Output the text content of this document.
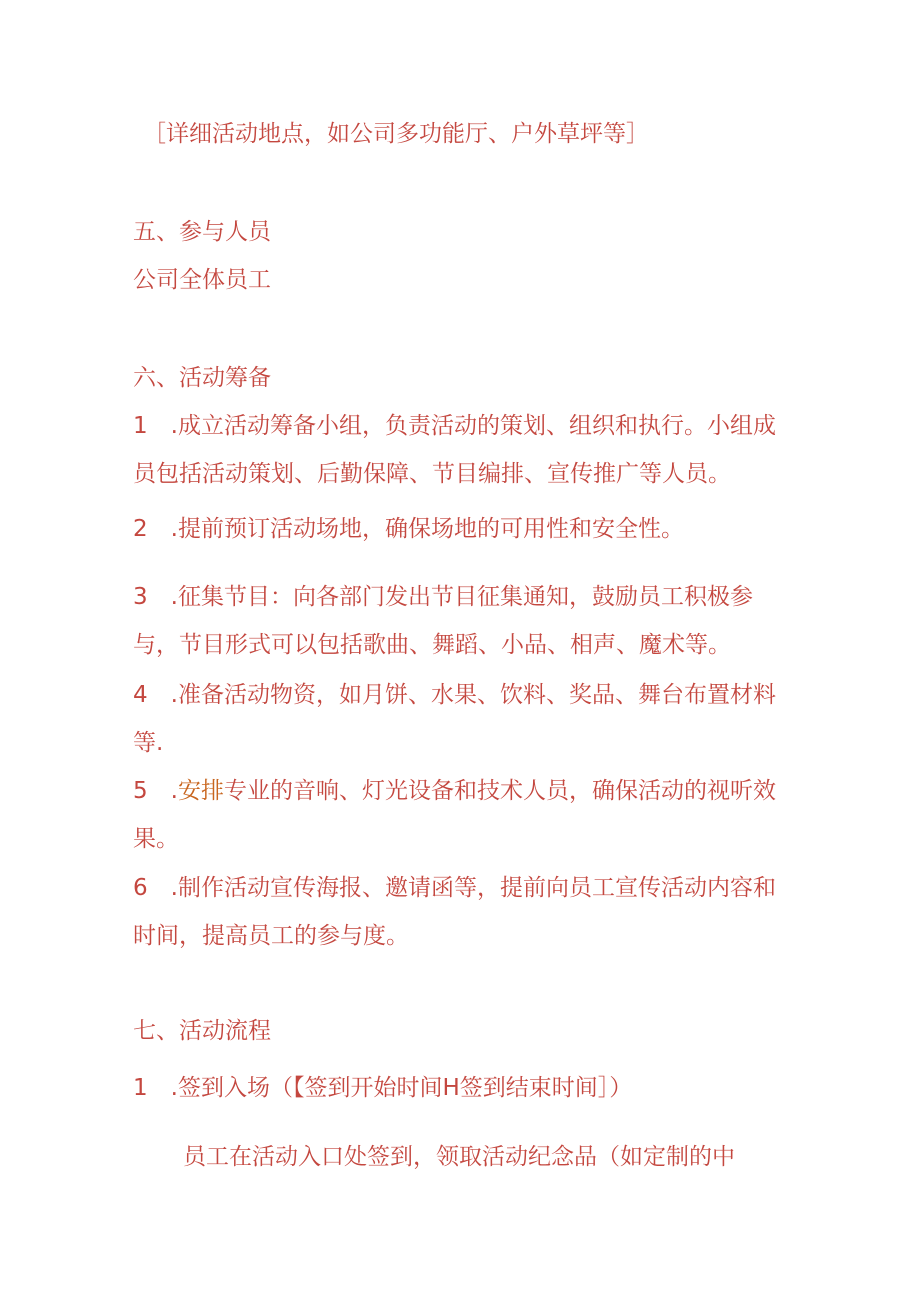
［详细活动地点，如公司多功能厅、户外草坪等］
五、参与人员
公司全体员工
六、活动筹备
1　.成立活动筹备小组，负责活动的策划、组织和执行。小组成
员包括活动策划、后勤保障、节目编排、宣传推广等人员。
2　.提前预订活动场地，确保场地的可用性和安全性。
3　.征集节目：向各部门发出节目征集通知，鼓励员工积极参
与，节目形式可以包括歌曲、舞蹈、小品、相声、魔术等。
4　.准备活动物资，如月饼、水果、饮料、奖品、舞台布置材料
等.
5　.安排专业的音响、灯光设备和技术人员，确保活动的视听效
果。
6　.制作活动宣传海报、邀请函等，提前向员工宣传活动内容和
时间，提高员工的参与度。
七、活动流程
1　.签到入场（【签到开始时间H签到结束时间］）
员工在活动入口处签到，领取活动纪念品（如定制的中
